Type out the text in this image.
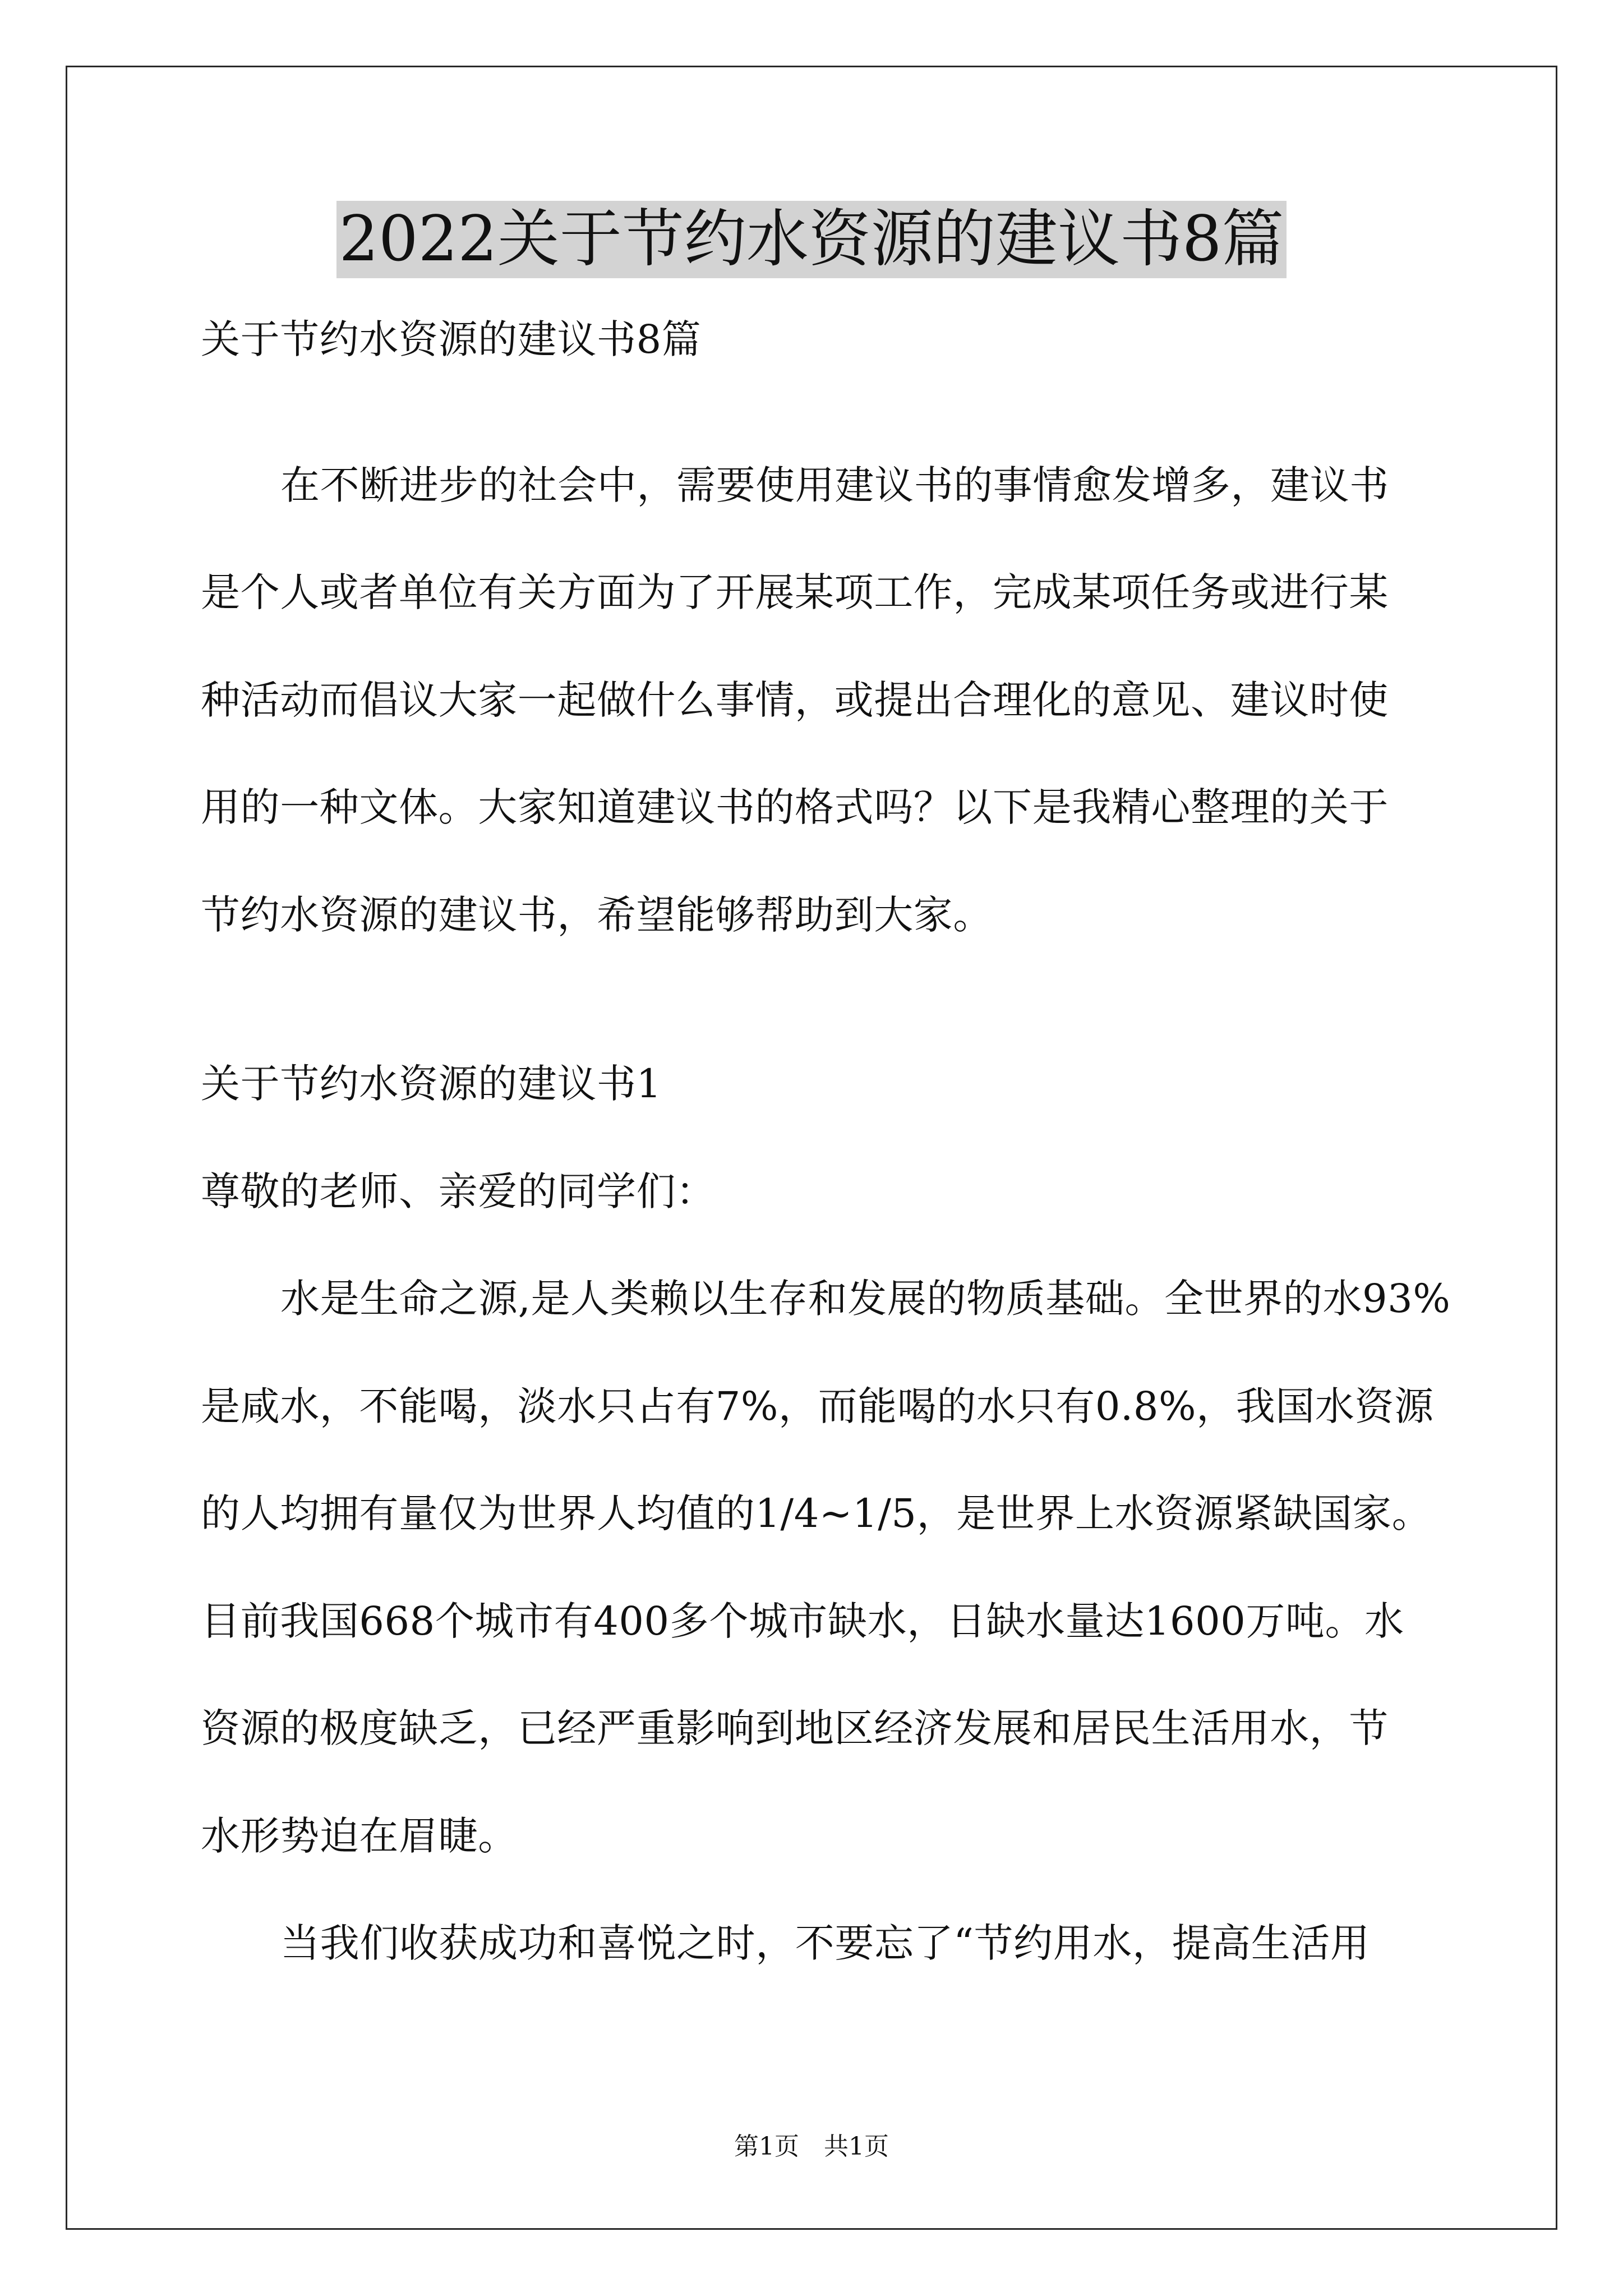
2022关于节约水资源的建议书8篇
关于节约水资源的建议书8篇
在不断进步的社会中，需要使用建议书的事情愈发增多，建议书
是个人或者单位有关方面为了开展某项工作，完成某项任务或进行某
种活动而倡议大家一起做什么事情，或提出合理化的意见、建议时使
用的一种文体。大家知道建议书的格式吗？以下是我精心整理的关于
节约水资源的建议书，希望能够帮助到大家。
关于节约水资源的建议书1
尊敬的老师、亲爱的同学们：
水是生命之源,是人类赖以生存和发展的物质基础。全世界的水93%
是咸水，不能喝，淡水只占有7%，而能喝的水只有0.8%，我国水资源
的人均拥有量仅为世界人均值的1/4~1/5，是世界上水资源紧缺国家。
目前我国668个城市有400多个城市缺水，日缺水量达1600万吨。水
资源的极度缺乏，已经严重影响到地区经济发展和居民生活用水，节
水形势迫在眉睫。
当我们收获成功和喜悦之时，不要忘了“节约用水，提高生活用
第1页 共1页
